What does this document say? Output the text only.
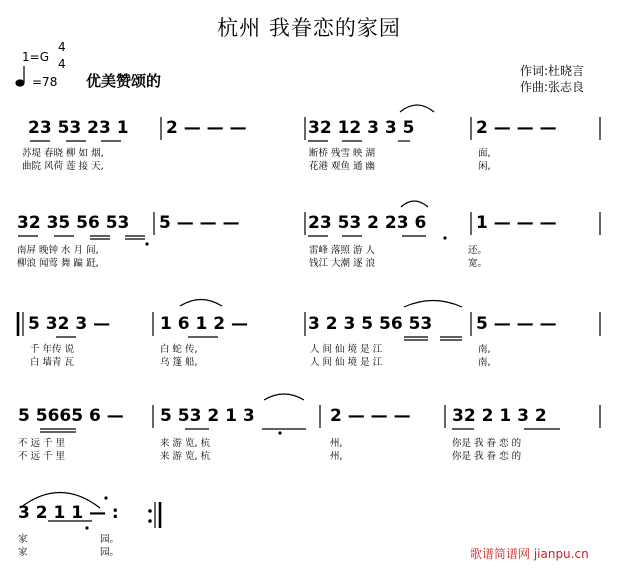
杭州 我眷恋的家园
1=G
4
4
=78 优美赞颂的
作词:杜晓言
作曲:张志良
23 53 23 1 2 — — —	32 12 3 3 5	2 — — —
苏堤 春晓 柳 如 烟,	断桥 残雪 映 湖	面,
曲院 风荷 莲 接 天,	花港 观鱼 通 幽	闲,
32 35 56 53 5 — — —	23 53 2 23 6	1 — — —
南屏 晚钟 水 月 间,	雷峰 落照 游 人	还。
柳浪 闻莺 舞 蹁 跹,	钱江 大潮 逐 浪	宽。
5 32 3 —	1 6 1 2 —	3 2 3 5 56 53	5 — — —
千 年传 说	白 蛇 传,	人 间 仙 境 是 江	南,
白 墙青 瓦	乌 篷 船,	人 间 仙 境 是 江	南,
5 5665 6 — 5 53 2 1 3	2 — — — 32 2 1 3 2
不 远 千 里	来 游 览, 杭	州,	你是 我 眷 恋 的
不 远 千 里	来 游 览, 杭	州,	你是 我 眷 恋 的
3 2 1 1 — :
家	园。
家	园。	歌谱简谱网 jianpu.cn
